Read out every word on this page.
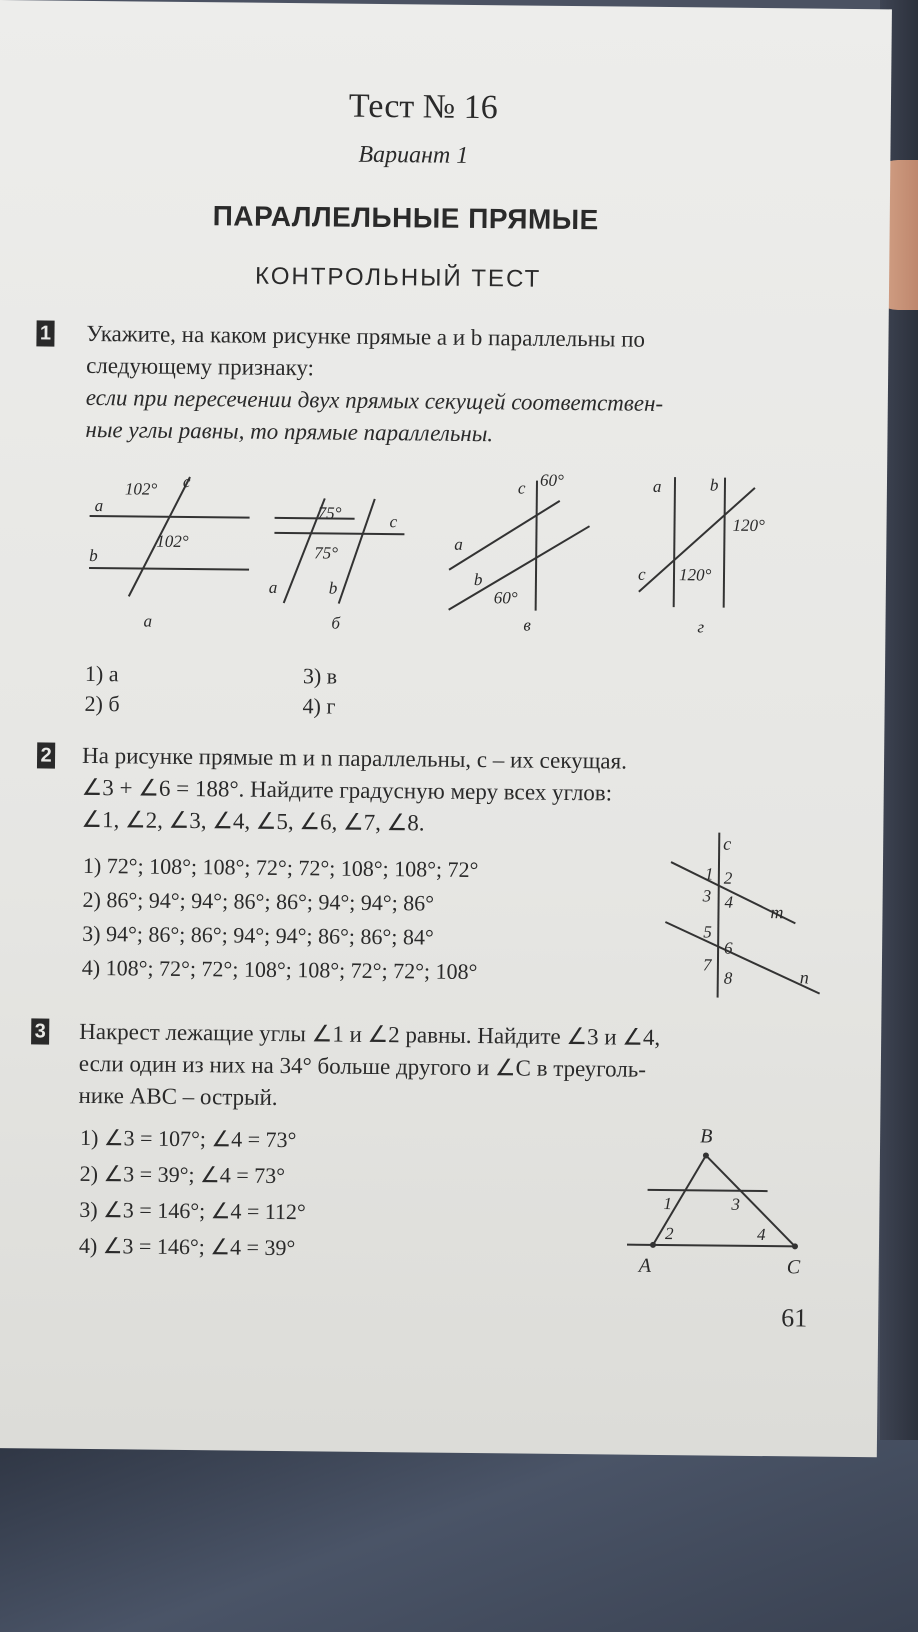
Тест № 16
Вариант 1
ПАРАЛЛЕЛЬНЫЕ ПРЯМЫЕ
КОНТРОЛЬНЫЙ ТЕСТ
1 Укажите, на каком рисунке прямые a и b параллельны по
следующему признаку:
если при пересечении двух прямых секущей соответствен-
ные углы равны, то прямые параллельны.
a
b
c
102°
102°
a	b
c
75°
75°	a
b
c 60°
60°
a	b
c
120°
120°
а	б	в	г
1) а
2) б
3) в
4) г
2 На рисунке прямые m и n параллельны, c – их секущая.
∠3 + ∠6 = 188°. Найдите градусную меру всех углов:
∠1, ∠2, ∠3, ∠4, ∠5, ∠6, ∠7, ∠8.
1) 72°; 108°; 108°; 72°; 72°; 108°; 108°; 72°
2) 86°; 94°; 94°; 86°; 86°; 94°; 94°; 86°
3) 94°; 86°; 86°; 94°; 94°; 86°; 86°; 84°
4) 108°; 72°; 72°; 108°; 108°; 72°; 72°; 108°
c
m
n
1 2
3 4
5
6
7
8
3 Накрест лежащие углы ∠1 и ∠2 равны. Найдите ∠3 и ∠4,
если один из них на 34° больше другого и ∠C в треуголь-
нике ABC – острый.
1) ∠3 = 107°; ∠4 = 73°
2) ∠3 = 39°; ∠4 = 73°
3) ∠3 = 146°; ∠4 = 112°
4) ∠3 = 146°; ∠4 = 39°
B
A	C
1
2
3
4
61
